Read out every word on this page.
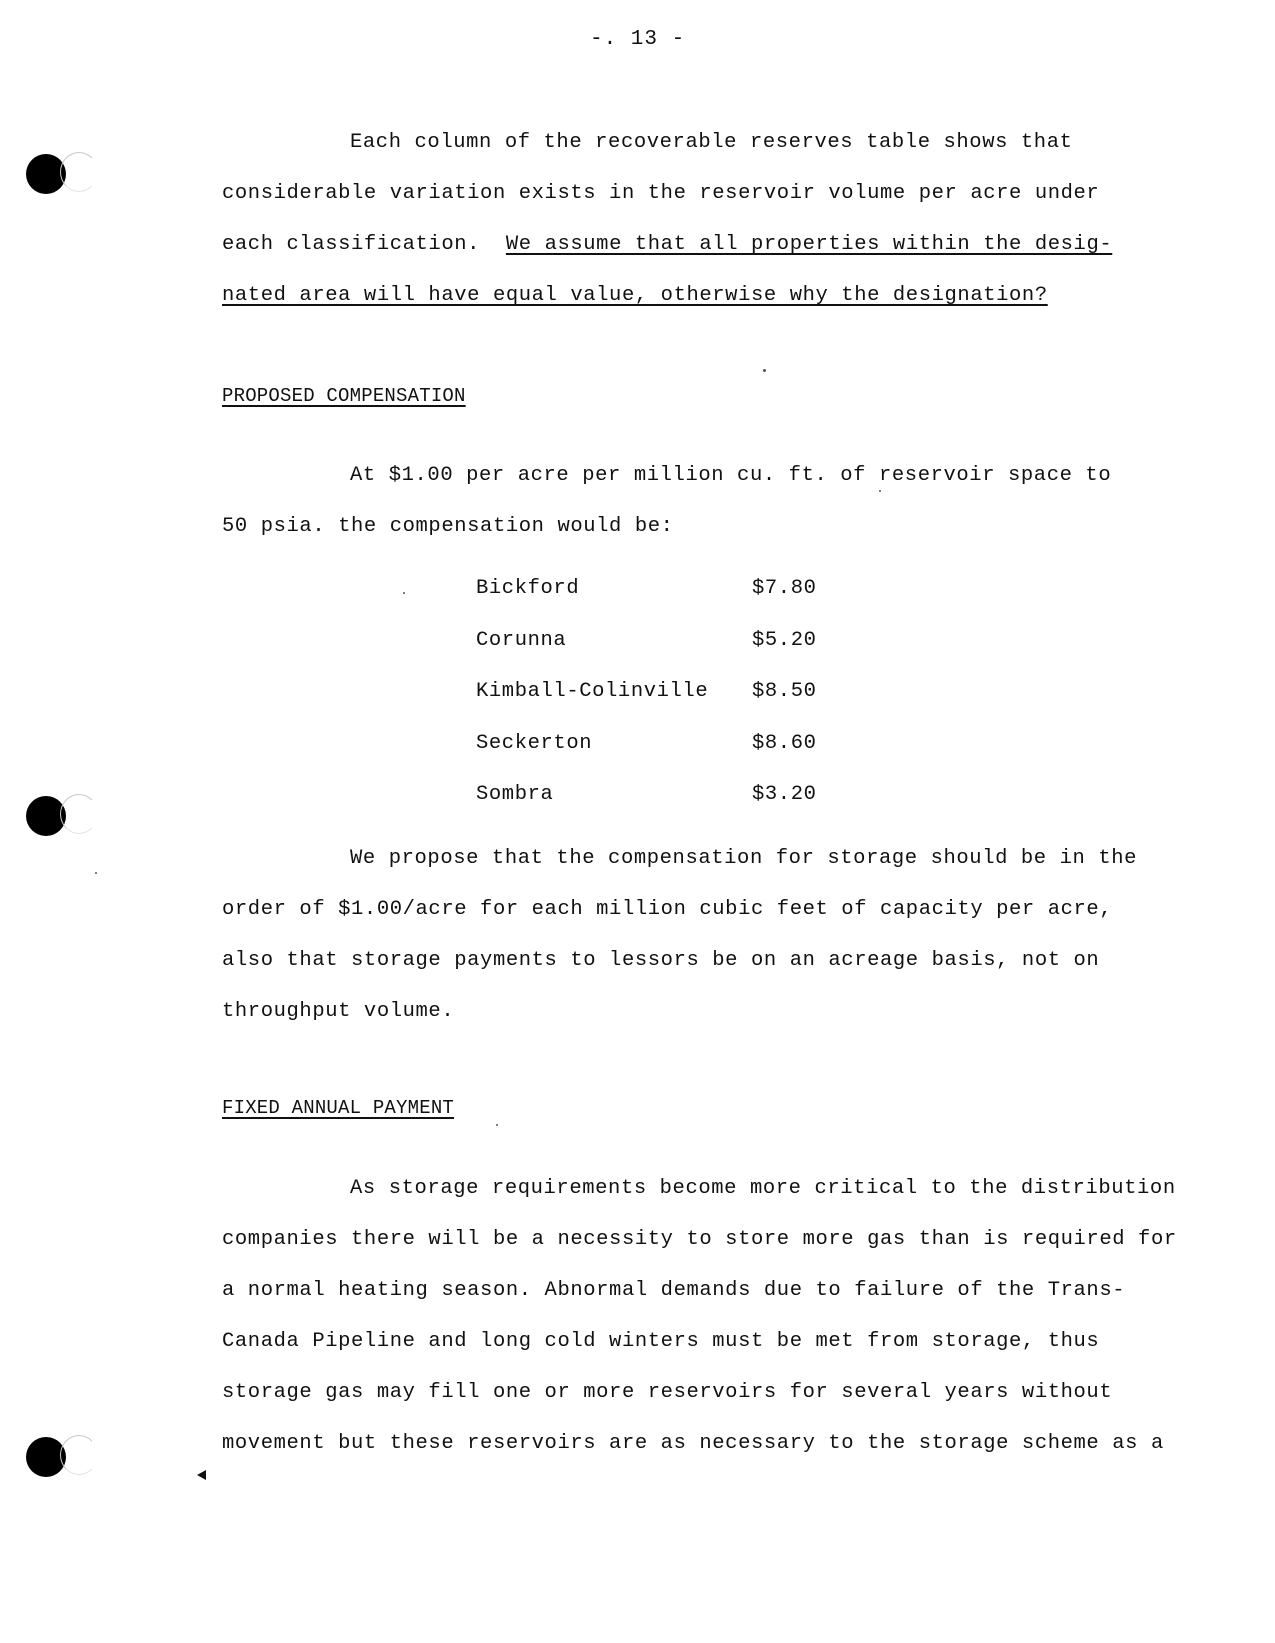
-. 13 -

Each column of the recoverable reserves table shows that
considerable variation exists in the reservoir volume per acre under
each classification. We assume that all properties within the desig-
nated area will have equal value, otherwise why the designation?

PROPOSED COMPENSATION

At $1.00 per acre per million cu. ft. of reservoir space to
50 psia. the compensation would be:

Bickford	$7.80
Corunna	$5.20
Kimball-Colinville $8.50
Seckerton	$8.60
Sombra	$3.20

We propose that the compensation for storage should be in the
order of $1.00/acre for each million cubic feet of capacity per acre,
also that storage payments to lessors be on an acreage basis, not on
throughput volume.

FIXED ANNUAL PAYMENT

As storage requirements become more critical to the distribution
companies there will be a necessity to store more gas than is required for
a normal heating season. Abnormal demands due to failure of the Trans-
Canada Pipeline and long cold winters must be met from storage, thus
storage gas may fill one or more reservoirs for several years without
movement but these reservoirs are as necessary to the storage scheme as a
